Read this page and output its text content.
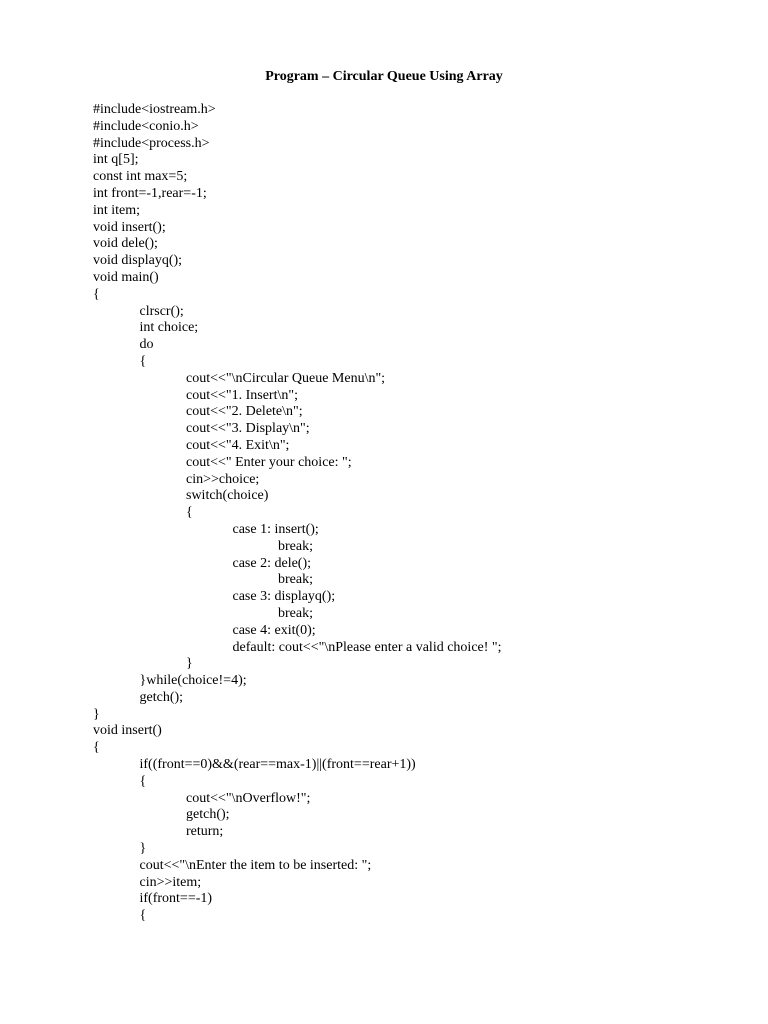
Program – Circular Queue Using Array
#include<iostream.h>
#include<conio.h>
#include<process.h>
int q[5];
const int max=5;
int front=-1,rear=-1;
int item;
void insert();
void dele();
void displayq();
void main()
{
clrscr();
int choice;
do
{
cout<<"\nCircular Queue Menu\n";
cout<<"1. Insert\n";
cout<<"2. Delete\n";
cout<<"3. Display\n";
cout<<"4. Exit\n";
cout<<" Enter your choice: ";
cin>>choice;
switch(choice)
{
case 1: insert();
break;
case 2: dele();
break;
case 3: displayq();
break;
case 4: exit(0);
default: cout<<"\nPlease enter a valid choice! ";
}
}while(choice!=4);
getch();
}
void insert()
{
if((front==0)&&(rear==max-1)||(front==rear+1))
{
cout<<"\nOverflow!";
getch();
return;
}
cout<<"\nEnter the item to be inserted: ";
cin>>item;
if(front==-1)
{
